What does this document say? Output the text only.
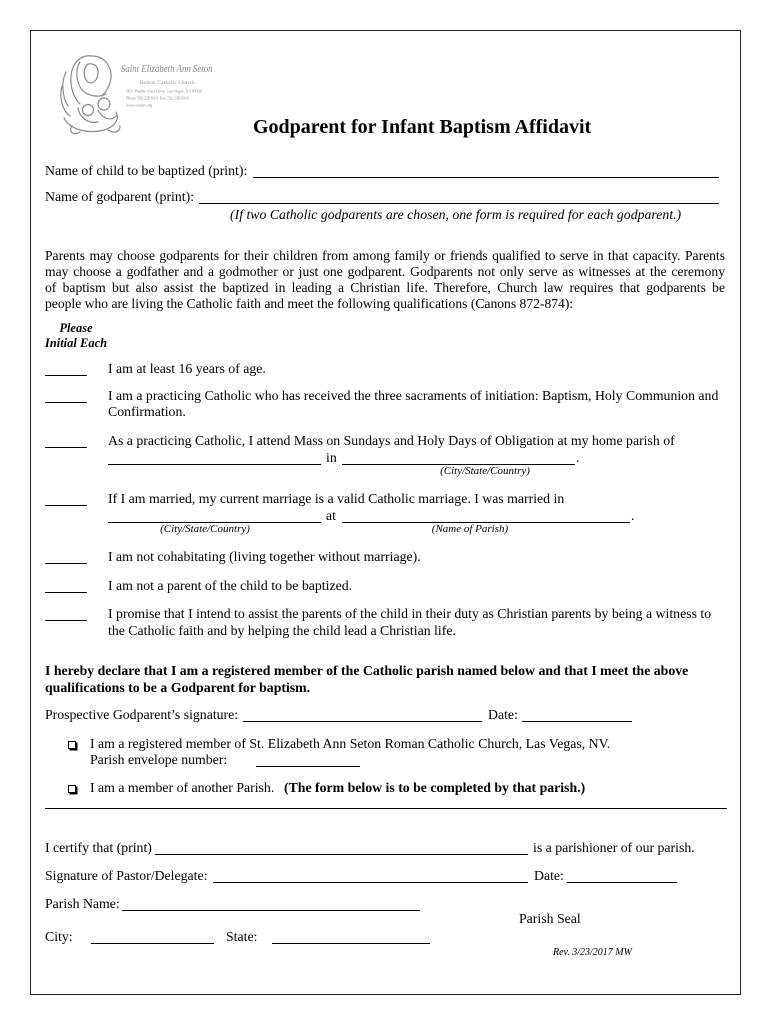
Saint Elizabeth Ann Seton
Roman Catholic Church
1811 Pueblo Vista Drive, Las Vegas, NV 89128
Phone 702.228.8311 Fax 702.228.8310
www.seasnv.org
Godparent for Infant Baptism Affidavit
Name of child to be baptized (print):
Name of godparent (print):
(If two Catholic godparents are chosen, one form is required for each godparent.)
Parents may choose godparents for their children from among family or friends qualified to serve in that capacity. Parents
may choose a godfather and a godmother or just one godparent. Godparents not only serve as witnesses at the ceremony
of baptism but also assist the baptized in leading a Christian life. Therefore, Church law requires that godparents be
people who are living the Catholic faith and meet the following qualifications (Canons 872-874):
Please
Initial Each
I am at least 16 years of age.
I am a practicing Catholic who has received the three sacraments of initiation: Baptism, Holy Communion and
Confirmation.
As a practicing Catholic, I attend Mass on Sundays and Holy Days of Obligation at my home parish of
in	.
(City/State/Country)
If I am married, my current marriage is a valid Catholic marriage. I was married in
at	.
(City/State/Country)	(Name of Parish)
I am not cohabitating (living together without marriage).
I am not a parent of the child to be baptized.
I promise that I intend to assist the parents of the child in their duty as Christian parents by being a witness to
the Catholic faith and by helping the child lead a Christian life.
I hereby declare that I am a registered member of the Catholic parish named below and that I meet the above
qualifications to be a Godparent for baptism.
Prospective Godparent’s signature:	Date:
I am a registered member of St. Elizabeth Ann Seton Roman Catholic Church, Las Vegas, NV.
Parish envelope number:
I am a member of another Parish. (The form below is to be completed by that parish.)
I certify that (print)	is a parishioner of our parish.
Signature of Pastor/Delegate:	Date:
Parish Name:
Parish Seal
City:	State:
Rev. 3/23/2017 MW
